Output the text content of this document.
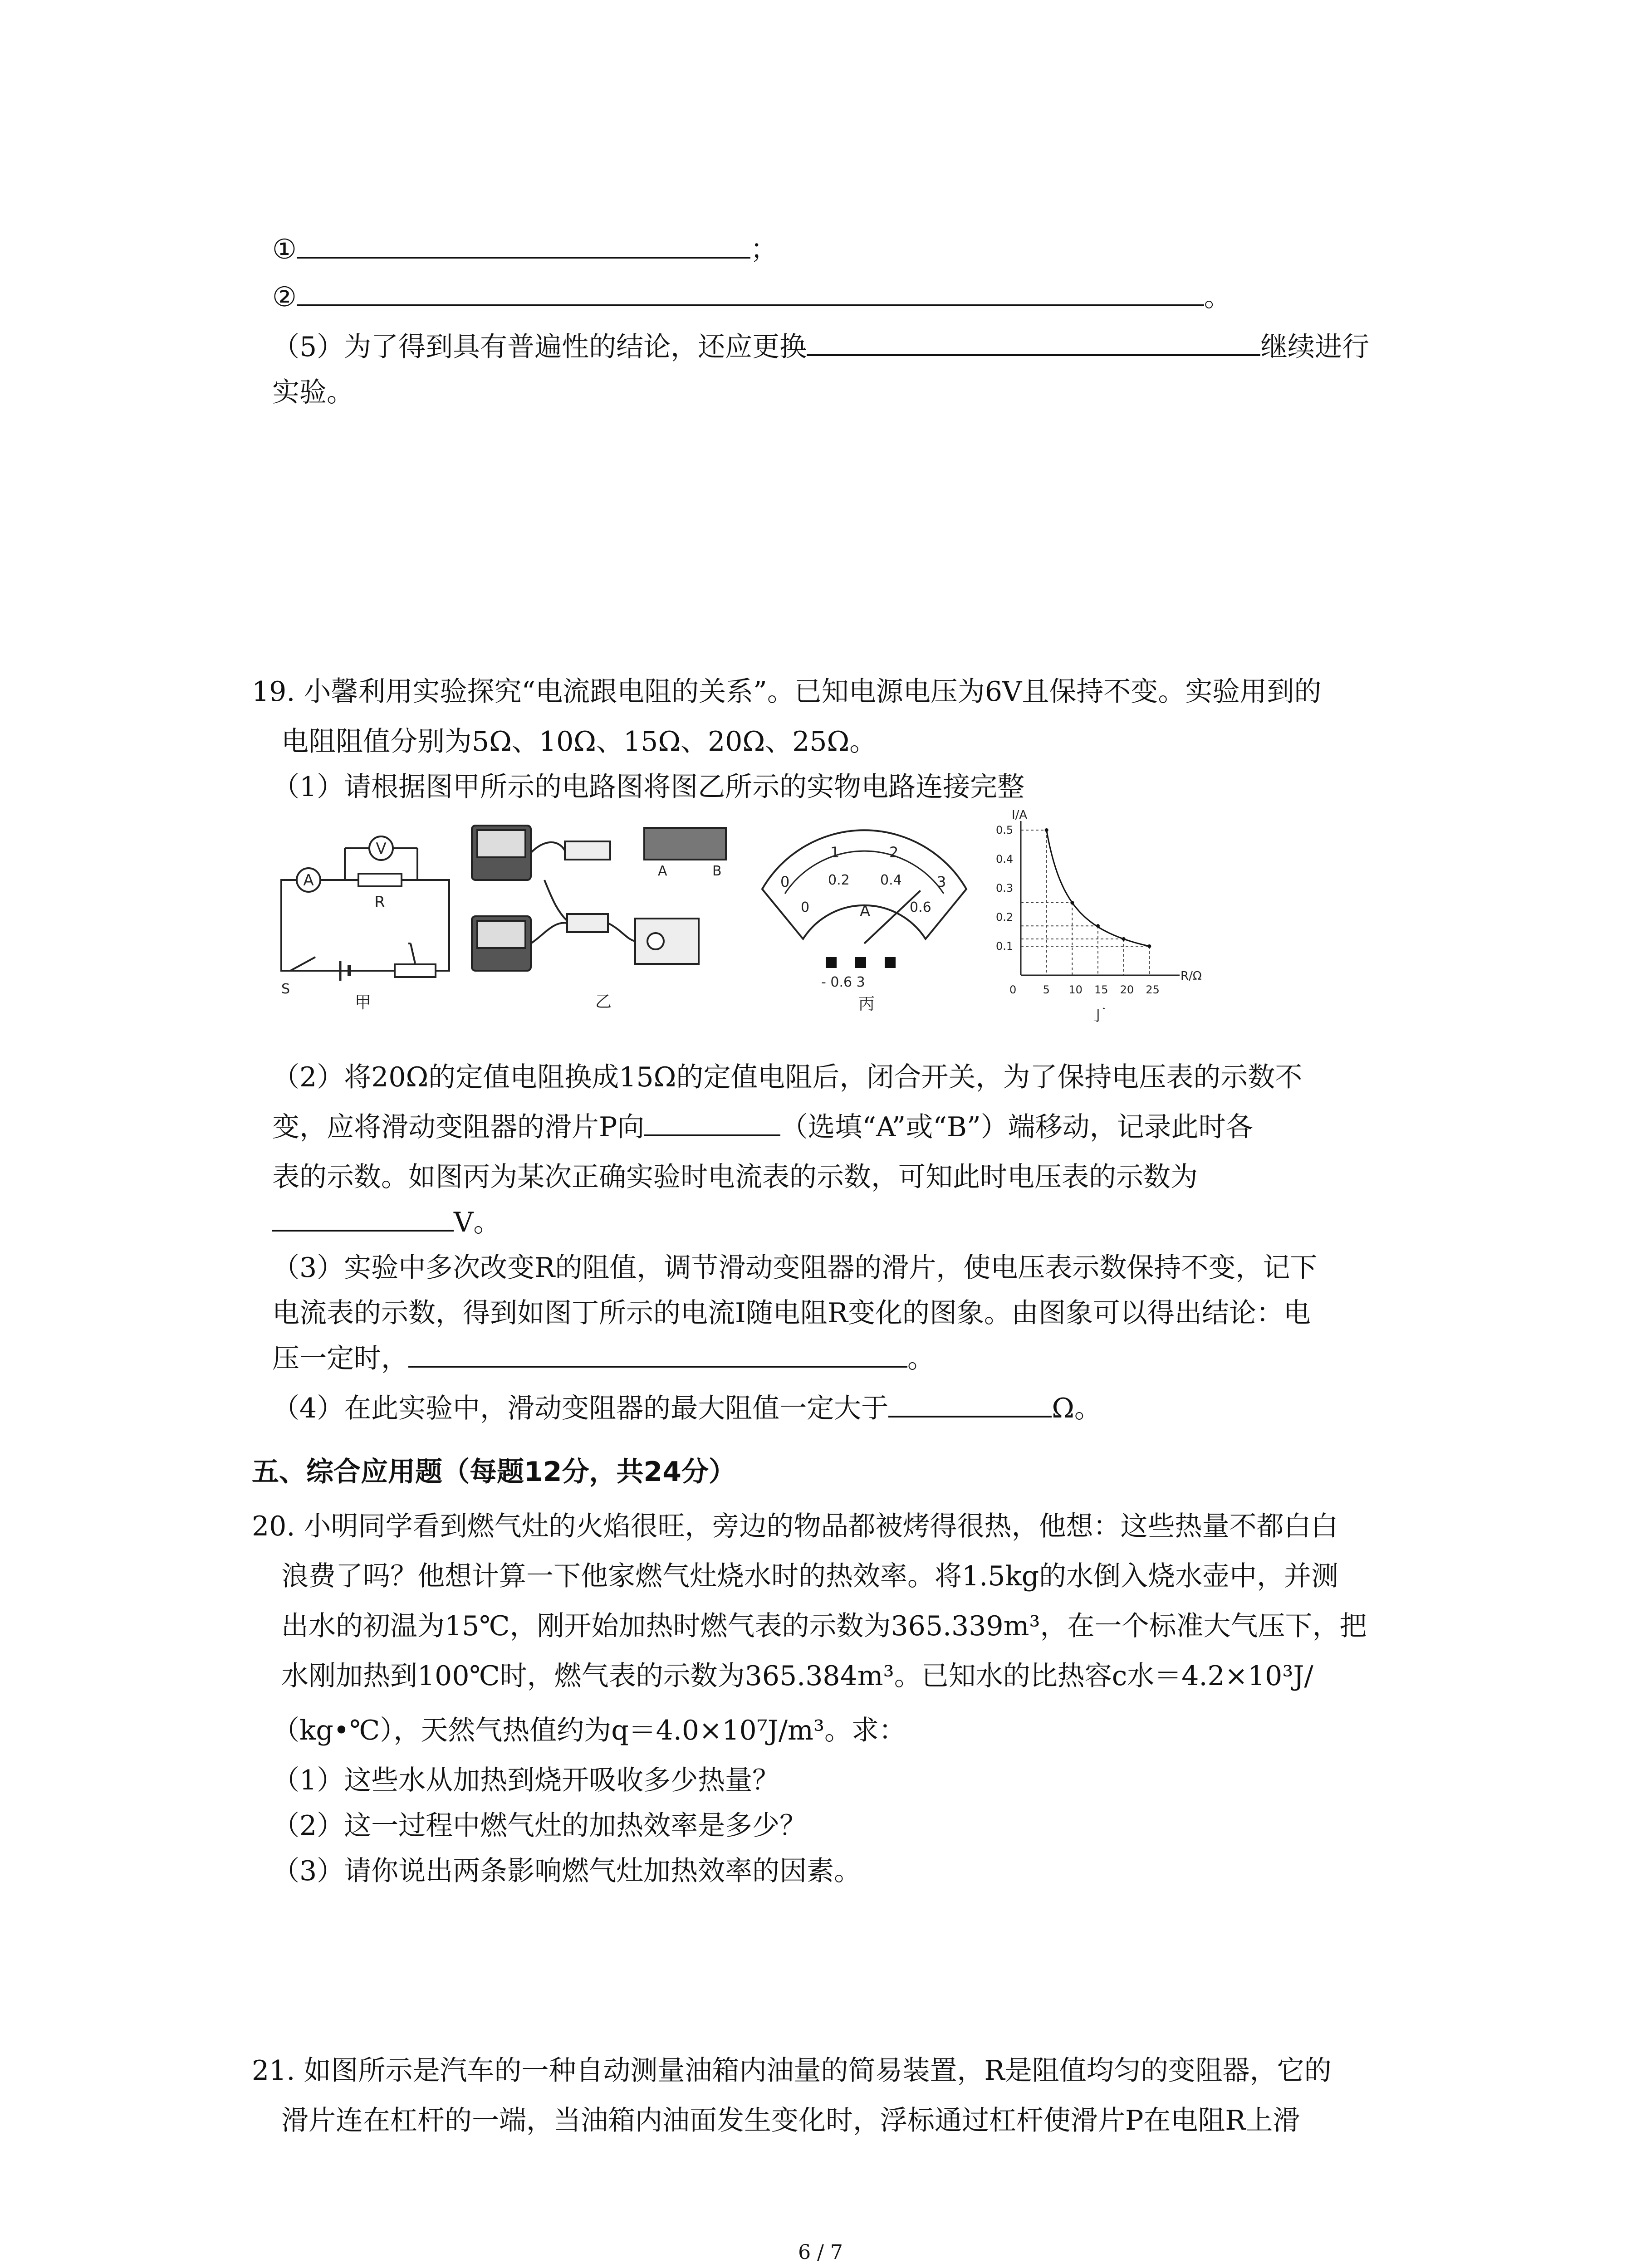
①	；
②	。
（5）为了得到具有普遍性的结论，还应更换	继续进行
实验。
19. 小馨利用实验探究“电流跟电阻的关系”。已知电源电压为6V且保持不变。实验用到的
电阻阻值分别为5Ω、10Ω、15Ω、20Ω、25Ω。
（1）请根据图甲所示的电路图将图乙所示的实物电路连接完整
V
A
R
S
甲
A	B
乙
0
1	2
3
0
0.2 0.4
0.6
A
- 0.6 3
丙
R/Ω
I/A
0 5 10 15 20 25
0.1
0.2
0.3
0.4
0.5
丁
（2）将20Ω的定值电阻换成15Ω的定值电阻后，闭合开关，为了保持电压表的示数不
变，应将滑动变阻器的滑片P向	（选填“A”或“B”）端移动，记录此时各
表的示数。如图丙为某次正确实验时电流表的示数，可知此时电压表的示数为
V。
（3）实验中多次改变R的阻值，调节滑动变阻器的滑片，使电压表示数保持不变，记下
电流表的示数，得到如图丁所示的电流I随电阻R变化的图象。由图象可以得出结论：电
压一定时，	。
（4）在此实验中，滑动变阻器的最大阻值一定大于	Ω。
五、综合应用题（每题12分，共24分）
20. 小明同学看到燃气灶的火焰很旺，旁边的物品都被烤得很热，他想：这些热量不都白白
浪费了吗？他想计算一下他家燃气灶烧水时的热效率。将1.5kg的水倒入烧水壶中，并测
出水的初温为15℃，刚开始加热时燃气表的示数为365.339m³，在一个标准大气压下，把
水刚加热到100℃时，燃气表的示数为365.384m³。已知水的比热容c水＝4.2×10³J/
（kg•℃），天然气热值约为q＝4.0×10⁷J/m³。求：
（1）这些水从加热到烧开吸收多少热量？
（2）这一过程中燃气灶的加热效率是多少？
（3）请你说出两条影响燃气灶加热效率的因素。
21. 如图所示是汽车的一种自动测量油箱内油量的简易装置，R是阻值均匀的变阻器，它的
滑片连在杠杆的一端，当油箱内油面发生变化时，浮标通过杠杆使滑片P在电阻R上滑
6 / 7
